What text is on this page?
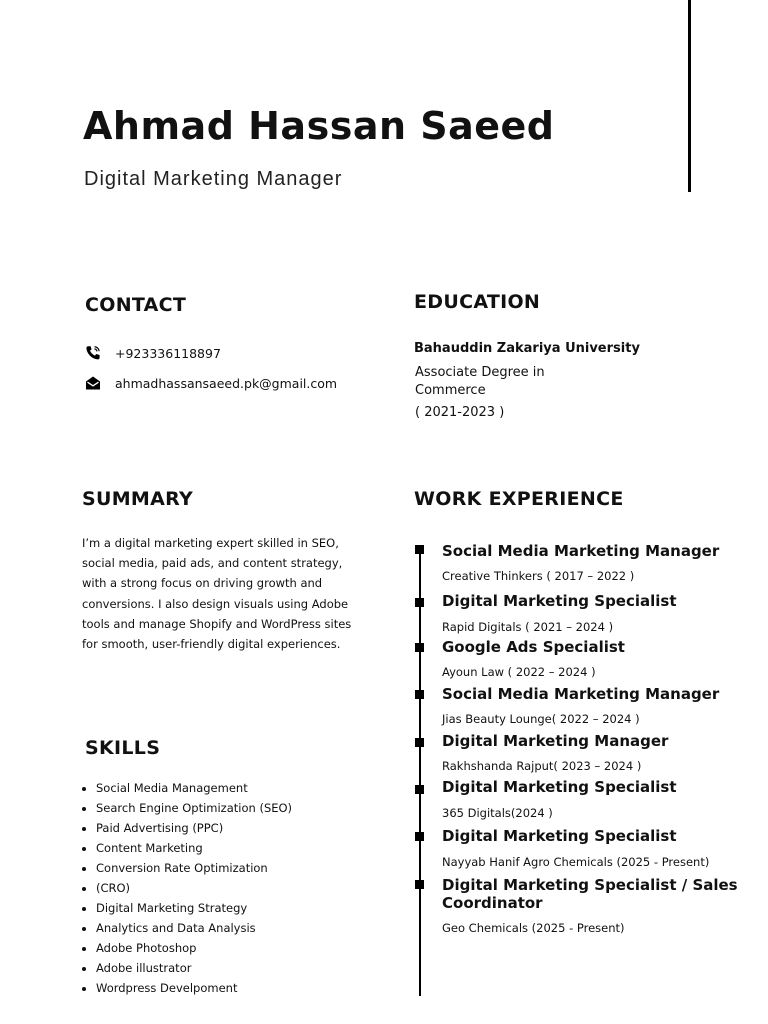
Ahmad Hassan Saeed
Digital Marketing Manager
CONTACT
+923336118897
ahmadhassansaeed.pk@gmail.com
EDUCATION
Bahauddin Zakariya University
Associate Degree in Commerce
( 2021-2023 )
SUMMARY
I’m a digital marketing expert skilled in SEO, social media, paid ads, and content strategy, with a strong focus on driving growth and conversions. I also design visuals using Adobe tools and manage Shopify and WordPress sites for smooth, user-friendly digital experiences.
SKILLS
• Social Media Management
• Search Engine Optimization (SEO)
• Paid Advertising (PPC)
• Content Marketing
• Conversion Rate Optimization
• (CRO)
• Digital Marketing Strategy
• Analytics and Data Analysis
• Adobe Photoshop
• Adobe illustrator
• Wordpress Develpoment
WORK EXPERIENCE
Social Media Marketing Manager
Creative Thinkers ( 2017 – 2022 )
Digital Marketing Specialist
Rapid Digitals ( 2021 – 2024 )
Google Ads Specialist
Ayoun Law ( 2022 – 2024 )
Social Media Marketing Manager
Jias Beauty Lounge( 2022 – 2024 )
Digital Marketing Manager
Rakhshanda Rajput( 2023 – 2024 )
Digital Marketing Specialist
365 Digitals(2024 )
Digital Marketing Specialist
Nayyab Hanif Agro Chemicals (2025 - Present)
Digital Marketing Specialist / Sales Coordinator
Geo Chemicals (2025 - Present)
